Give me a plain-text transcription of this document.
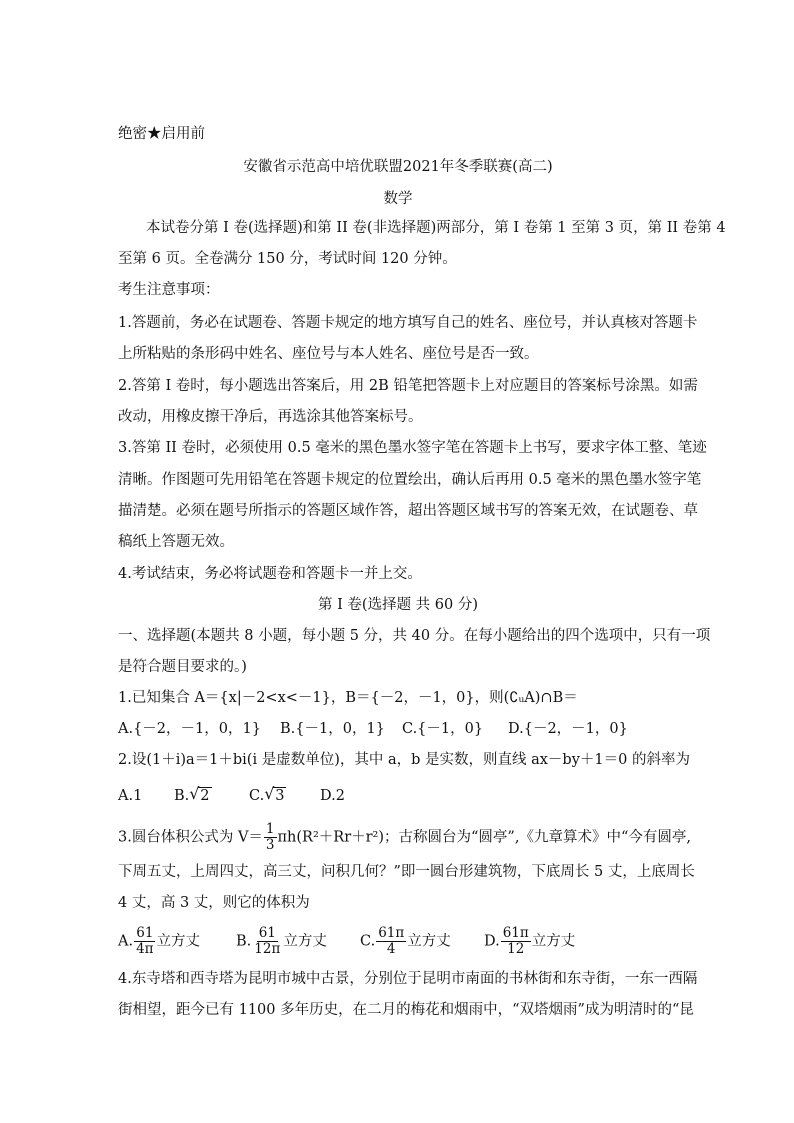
绝密★启用前
安徽省示范高中培优联盟2021年冬季联赛(高二)
数学
本试卷分第 I 卷(选择题)和第 II 卷(非选择题)两部分，第 I 卷第 1 至第 3 页，第 II 卷第 4
至第 6 页。全卷满分 150 分，考试时间 120 分钟。
考生注意事项：
1.答题前，务必在试题卷、答题卡规定的地方填写自己的姓名、座位号，并认真核对答题卡
上所粘贴的条形码中姓名、座位号与本人姓名、座位号是否一致。
2.答第 I 卷时，每小题选出答案后，用 2B 铅笔把答题卡上对应题目的答案标号涂黑。如需
改动，用橡皮擦干净后，再选涂其他答案标号。
3.答第 II 卷时，必须使用 0.5 毫米的黑色墨水签字笔在答题卡上书写，要求字体工整、笔迹
清晰。作图题可先用铅笔在答题卡规定的位置绘出，确认后再用 0.5 毫米的黑色墨水签字笔
描清楚。必须在题号所指示的答题区域作答，超出答题区域书写的答案无效，在试题卷、草
稿纸上答题无效。
4.考试结束，务必将试题卷和答题卡一并上交。
第 I 卷(选择题 共 60 分)
一、选择题(本题共 8 小题，每小题 5 分，共 40 分。在每小题给出的四个选项中，只有一项
是符合题目要求的。)
1.已知集合 A＝{x|－2<x<－1}，B＝{－2，－1，0}，则(∁ᵤA)∩B＝
A.{－2，－1，0，1} B.{－1，0，1} C.{－1，0} D.{－2，－1，0}
2.设(1＋i)a＝1＋bi(i 是虚数单位)，其中 a，b 是实数，则直线 ax－by＋1＝0 的斜率为
A.1 B. √ 2	C. √ 3 D.2
3.圆台体积公式为 $V= \frac{1}{3} \pi h(R^2+Rr+r^2)$；古称圆台为“圆亭”,《九章算术》中“今有圆亭,
下周五丈，上周四丈，高三丈，问积几何？”即一圆台形建筑物，下底周长 5 丈，上底周长
4 丈，高 3 丈，则它的体积为
A. $\frac{61}{4\pi}$ 立方丈 B. $\frac{61}{12\pi}$ 立方丈 C. $\frac{61\pi}{4}$ 立方丈 D. $\frac{61\pi}{12}$ 立方丈
4.东寺塔和西寺塔为昆明市城中古景，分别位于昆明市南面的书林街和东寺街，一东一西隔
街相望，距今已有 1100 多年历史，在二月的梅花和烟雨中，“双塔烟雨”成为明清时的“昆
